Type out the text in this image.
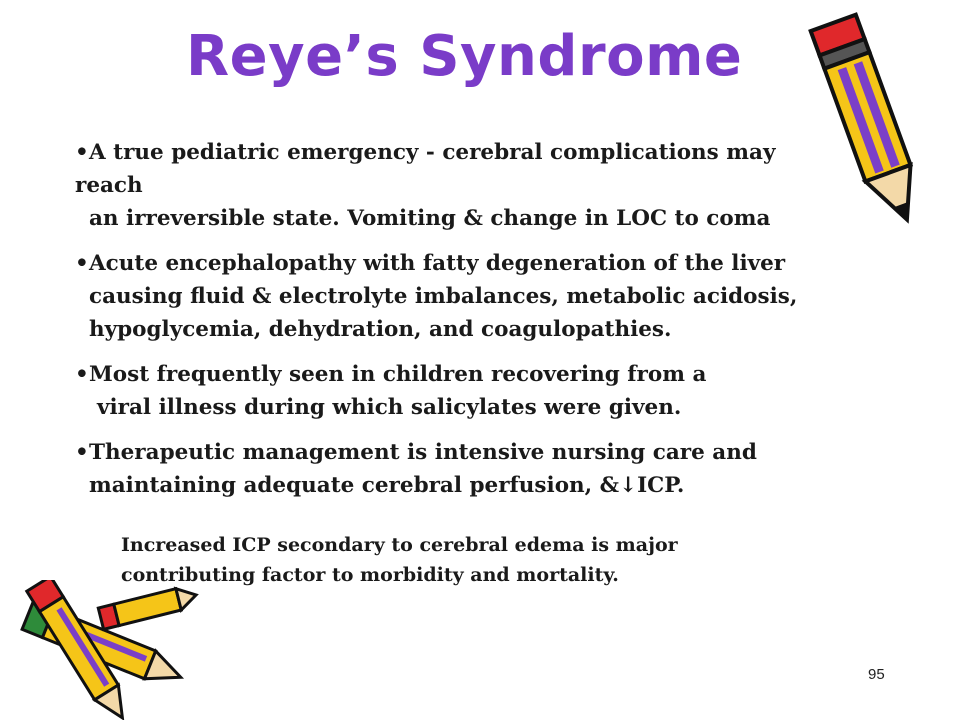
Reye’s Syndrome
•A true pediatric emergency - cerebral complications may
reach
an irreversible state. Vomiting & change in LOC to coma
•Acute encephalopathy with fatty degeneration of the liver
causing fluid & electrolyte imbalances, metabolic acidosis,
hypoglycemia, dehydration, and coagulopathies.
•Most frequently seen in children recovering from a
viral illness during which salicylates were given.
•Therapeutic management is intensive nursing care and
maintaining adequate cerebral perfusion, &↓ICP.
Increased ICP secondary to cerebral edema is major
contributing factor to morbidity and mortality.
95
